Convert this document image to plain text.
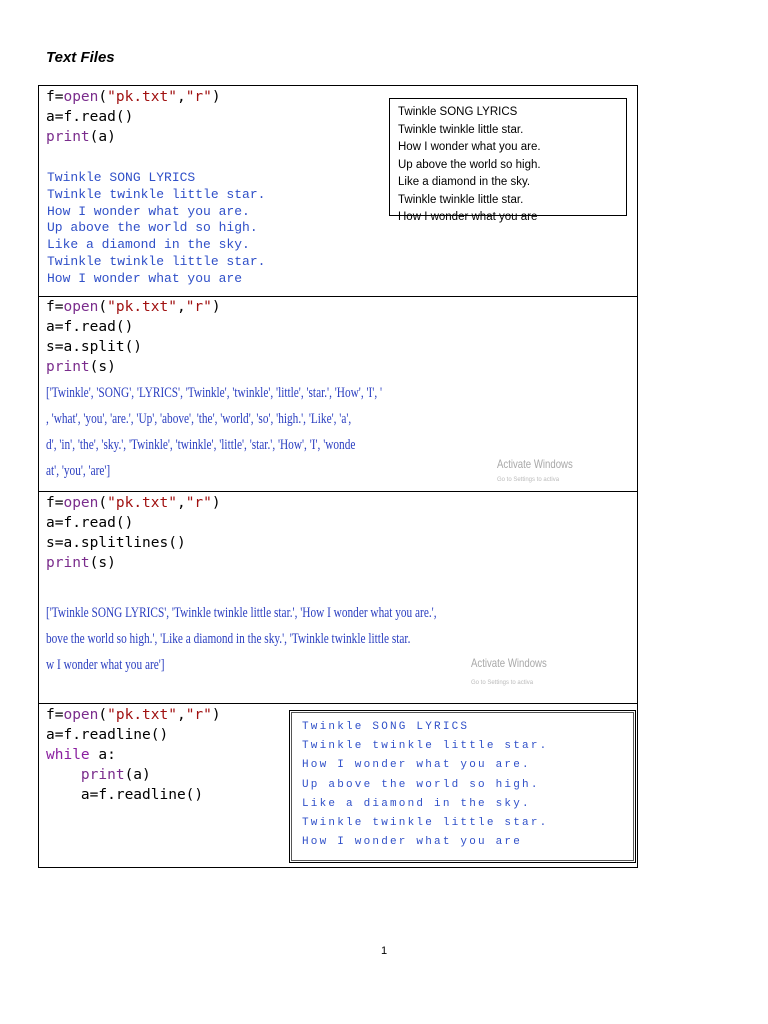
Text Files
f=open("pk.txt","r")
a=f.read()
print(a)
Twinkle SONG LYRICS
Twinkle twinkle little star.
How I wonder what you are.
Up above the world so high.
Like a diamond in the sky.
Twinkle twinkle little star.
How I wonder what you are
Twinkle SONG LYRICS
Twinkle twinkle little star.
How I wonder what you are.
Up above the world so high.
Like a diamond in the sky.
Twinkle twinkle little star.
How I wonder what you are
f=open("pk.txt","r")
a=f.read()
s=a.split()
print(s)
['Twinkle', 'SONG', 'LYRICS', 'Twinkle', 'twinkle', 'little', 'star.', 'How', 'I', '
, 'what', 'you', 'are.', 'Up', 'above', 'the', 'world', 'so', 'high.', 'Like', 'a',
d', 'in', 'the', 'sky.', 'Twinkle', 'twinkle', 'little', 'star.', 'How', 'I', 'wonde
at', 'you', 'are']	Activate Windows
Go to Settings to activa
f=open("pk.txt","r")
a=f.read()
s=a.splitlines()
print(s)
['Twinkle SONG LYRICS', 'Twinkle twinkle little star.', 'How I wonder what you are.',
bove the world so high.', 'Like a diamond in the sky.', 'Twinkle twinkle little star.
w I wonder what you are']	Activate Windows
Go to Settings to activa
f=open("pk.txt","r")
a=f.readline()
while a:
print(a)
a=f.readline()
Twinkle SONG LYRICS
Twinkle twinkle little star.
How I wonder what you are.
Up above the world so high.
Like a diamond in the sky.
Twinkle twinkle little star.
How I wonder what you are
1
